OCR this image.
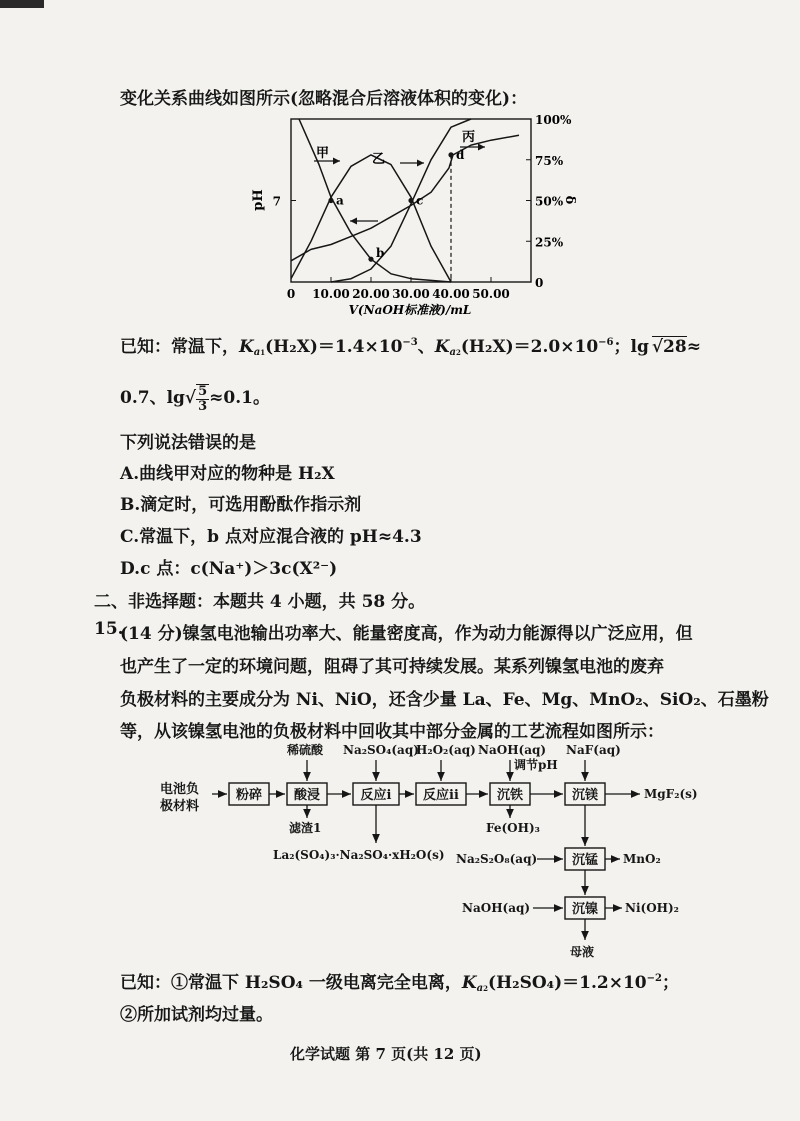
变化关系曲线如图所示(忽略混合后溶液体积的变化)：
0 10.00 20.00 30.00 40.00 50.00
0
25%
50%
75%
100%
7
pH	δ
V(NaOH标准液)/mL
a
b
c
d
甲	乙
丙
已知：常温下，$K_{a1}(H_2X)=1.4\times 10^{-3}$、$K_{a2}(H_2X)=2.0\times 10^{-6}$；lg √28≈
0.7、$\lg√ \frac{5}{3} \approx 0.1$。
下列说法错误的是
A.曲线甲对应的物种是 H₂X
B.滴定时，可选用酚酞作指示剂
C.常温下，b 点对应混合液的 pH≈4.3
D.c 点：c(Na⁺)＞3c(X²⁻)
二、非选择题：本题共 4 小题，共 58 分。
15.
(14 分)镍氢电池输出功率大、能量密度高，作为动力能源得以广泛应用，但
也产生了一定的环境问题，阻碍了其可持续发展。某系列镍氢电池的废弃
负极材料的主要成分为 Ni、NiO，还含少量 La、Fe、Mg、MnO₂、SiO₂、石墨粉
等，从该镍氢电池的负极材料中回收其中部分金属的工艺流程如图所示：
电池负
极材料
粉碎 酸浸	反应ⅰ 反应ⅱ	沉铁	沉镁
沉锰
沉镍
稀硫酸 Na₂SO₄(aq)
H₂O₂(aq) NaOH(aq)
调节pH
NaF(aq)
Na₂S₂O₈(aq)
NaOH(aq)
滤渣1
La₂(SO₄)₃·Na₂SO₄·xH₂O(s)
Fe(OH)₃
MgF₂(s)
MnO₂
Ni(OH)₂
母液
已知：①常温下 H₂SO₄ 一级电离完全电离，$K_{a2}(H_2SO_4)=1.2\times 10^{-2}$；
②所加试剂均过量。
化学试题 第 7 页(共 12 页)
